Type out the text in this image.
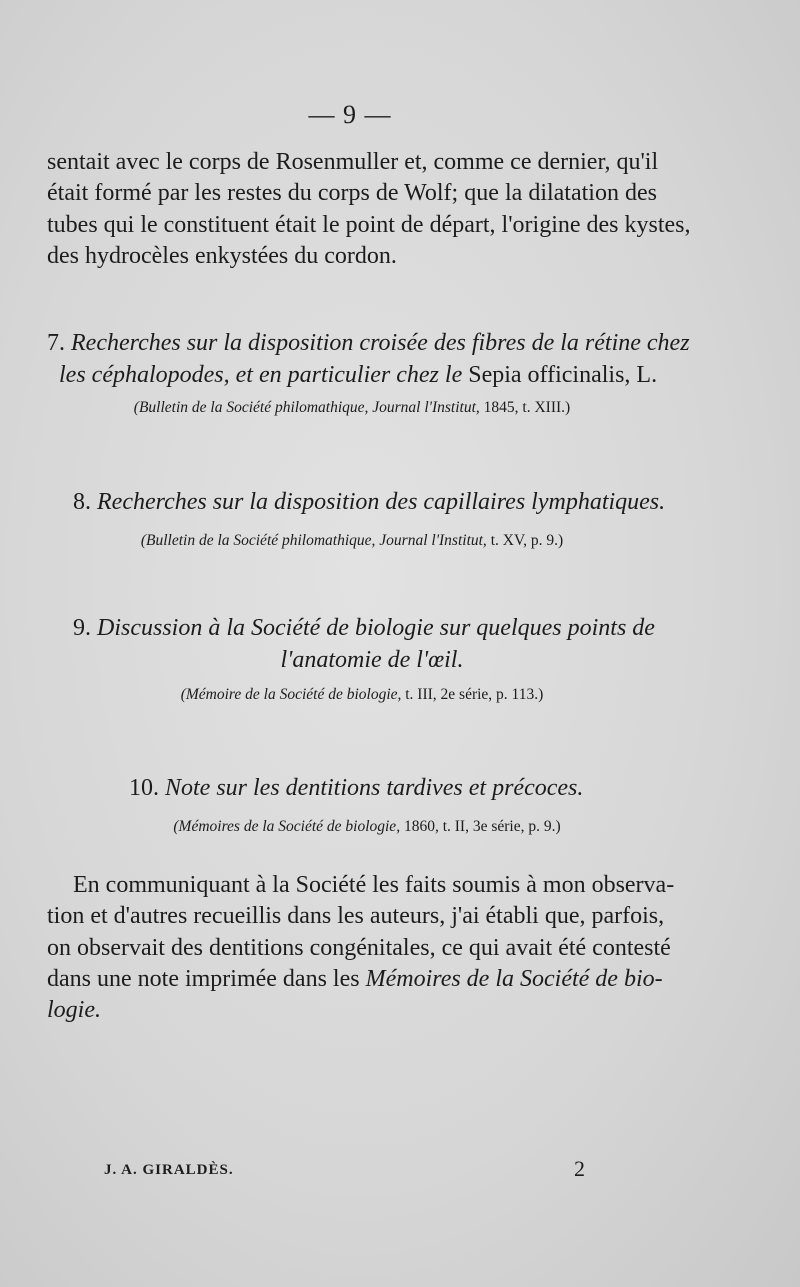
— 9 —

sentait avec le corps de Rosenmuller et, comme ce dernier, qu'il
était formé par les restes du corps de Wolf; que la dilatation des
tubes qui le constituent était le point de départ, l'origine des kystes,
des hydrocèles enkystées du cordon.

7. Recherches sur la disposition croisée des fibres de la rétine chez

les céphalopodes, et en particulier chez le Sepia officinalis, L.

(Bulletin de la Société philomathique, Journal l'Institut, 1845, t. XIII.)

8. Recherches sur la disposition des capillaires lymphatiques.

(Bulletin de la Société philomathique, Journal l'Institut, t. XV, p. 9.)

9. Discussion à la Société de biologie sur quelques points de

l'anatomie de l'œil.

(Mémoire de la Société de biologie, t. III, 2e série, p. 113.)

10. Note sur les dentitions tardives et précoces.

(Mémoires de la Société de biologie, 1860, t. II, 3e série, p. 9.)

En communiquant à la Société les faits soumis à mon observa-
tion et d'autres recueillis dans les auteurs, j'ai établi que, parfois,
on observait des dentitions congénitales, ce qui avait été contesté
dans une note imprimée dans les Mémoires de la Société de bio-
logie.

J. A. GIRALDÈS.	2
